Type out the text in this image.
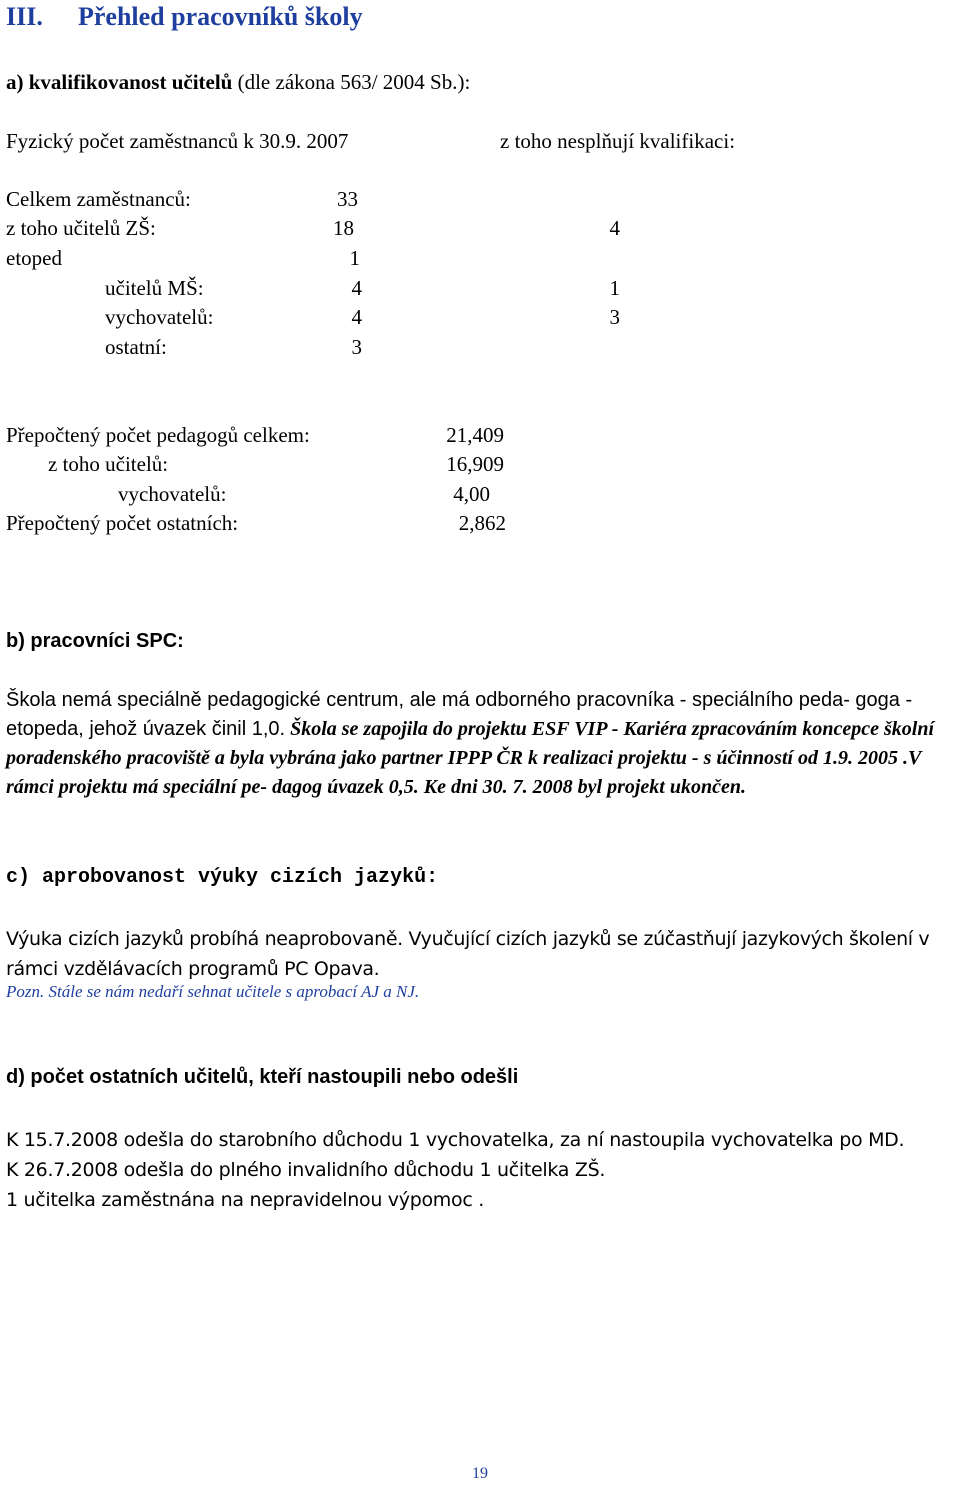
III. Přehled pracovníků školy
a) kvalifikovanost učitelů (dle zákona 563/ 2004 Sb.):
Fyzický počet zaměstnanců k 30.9. 2007	z toho nesplňují kvalifikaci:
Celkem zaměstnanců:	33
z toho učitelů ZŠ:	18	4
etoped	1
učitelů MŠ:	4	1
vychovatelů:	4	3
ostatní:	3
Přepočtený počet pedagogů celkem:	21,409
z toho učitelů:	16,909
vychovatelů:	4,00
Přepočtený počet ostatních:	2,862
b) pracovníci SPC:
Škola nemá speciálně pedagogické centrum, ale má odborného pracovníka - speciálního peda- goga - etopeda, jehož úvazek činil 1,0. Škola se zapojila do projektu ESF VIP - Kariéra zpracováním koncepce školní poradenského pracoviště a byla vybrána jako partner IPPP ČR k realizaci projektu - s účinností od 1.9. 2005 .V rámci projektu má speciální pe- dagog úvazek 0,5. Ke dni 30. 7. 2008 byl projekt ukončen.
c) aprobovanost výuky cizích jazyků:
Výuka cizích jazyků probíhá neaprobovaně. Vyučující cizích jazyků se zúčastňují jazykových školení v rámci vzdělávacích programů PC Opava.
Pozn. Stále se nám nedaří sehnat učitele s aprobací AJ a NJ.
d) počet ostatních učitelů, kteří nastoupili nebo odešli
K 15.7.2008 odešla do starobního důchodu 1 vychovatelka, za ní nastoupila vychovatelka po MD.
K 26.7.2008 odešla do plného invalidního důchodu 1 učitelka ZŠ.
1 učitelka zaměstnána na nepravidelnou výpomoc .
19
